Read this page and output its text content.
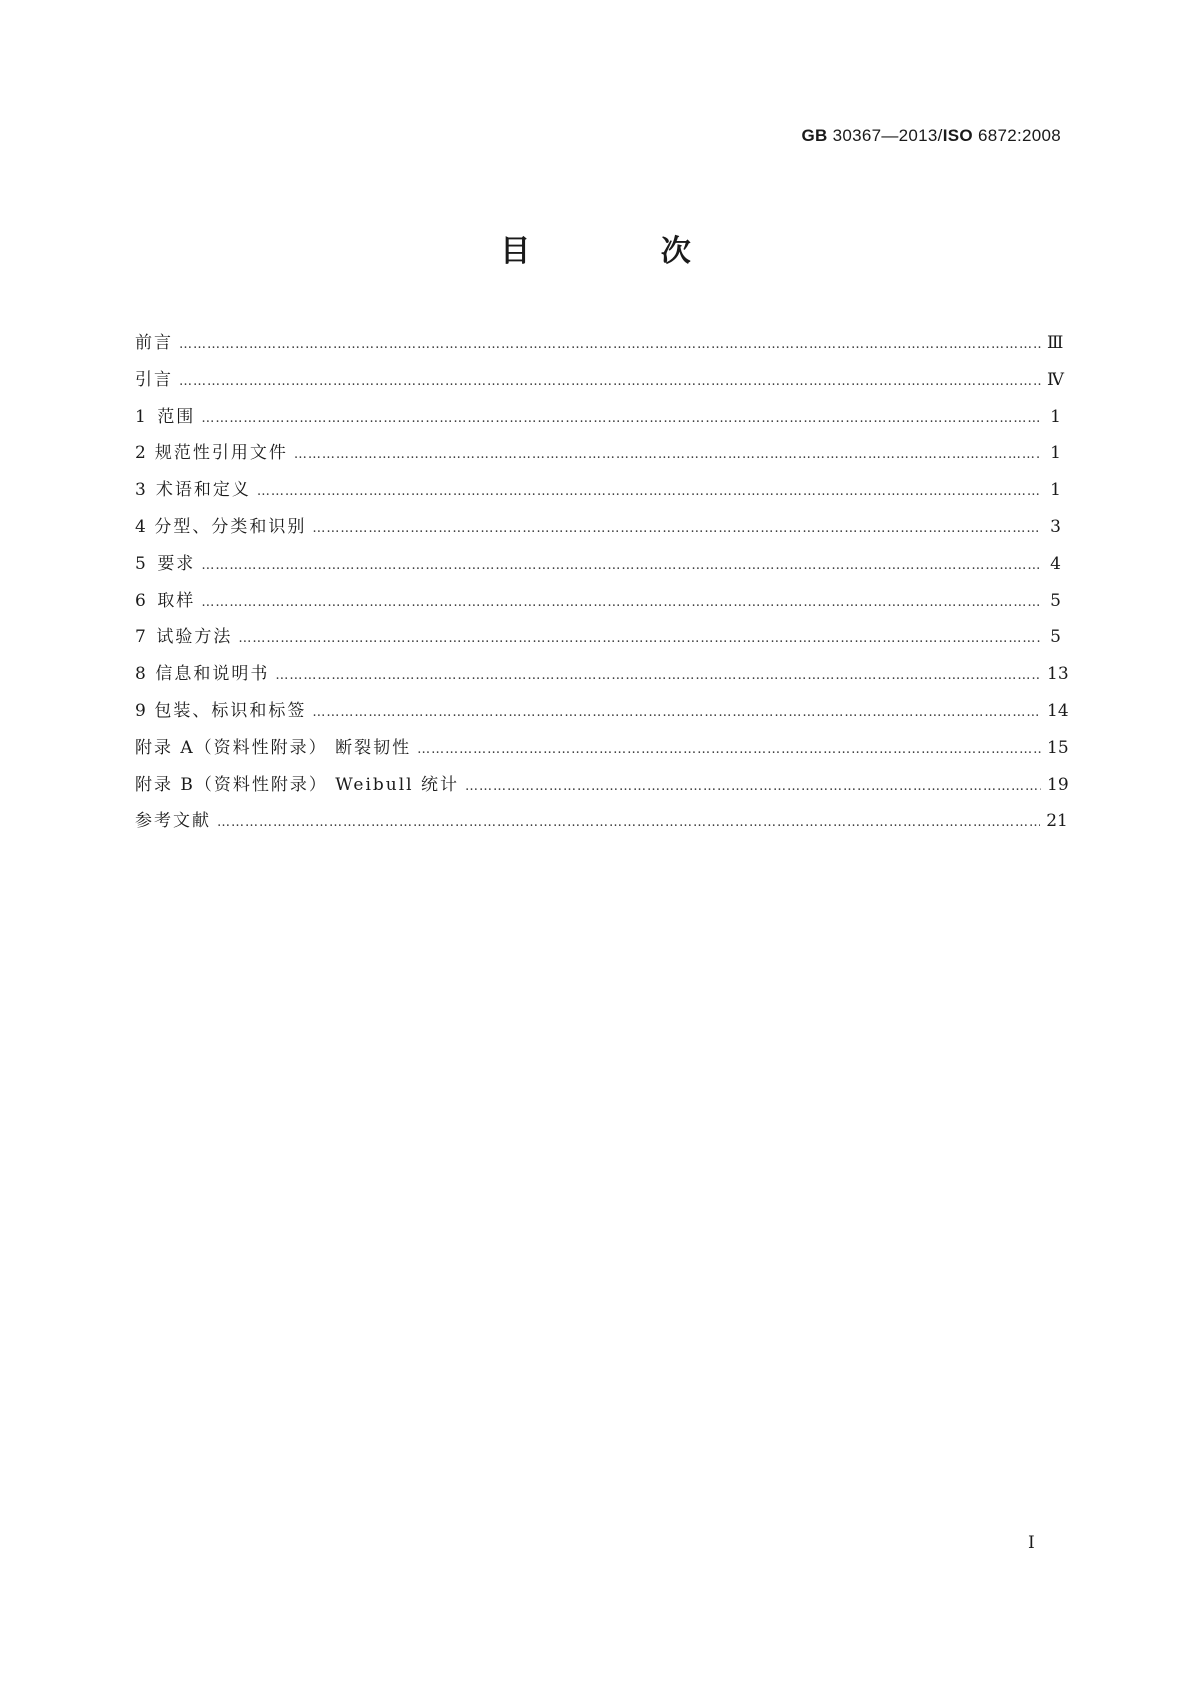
GB 30367—2013/ISO 6872:2008
目 次
前言 ……………………………………………………………………………………………………………………………………………………………………………………………………………………………………	Ⅲ
引言 ……………………………………………………………………………………………………………………………………………………………………………………………………………………………………	Ⅳ
1 范围 ……………………………………………………………………………………………………………………………………………………………………………………………………………………………………	1
2 规范性引用文件 ……………………………………………………………………………………………………………………………………………………………………………………………………………………………………	1
3 术语和定义 ……………………………………………………………………………………………………………………………………………………………………………………………………………………………………	1
4 分型、分类和识别 ……………………………………………………………………………………………………………………………………………………………………………………………………………………………………	3
5 要求 ……………………………………………………………………………………………………………………………………………………………………………………………………………………………………	4
6 取样 ……………………………………………………………………………………………………………………………………………………………………………………………………………………………………	5
7 试验方法 ……………………………………………………………………………………………………………………………………………………………………………………………………………………………………	5
8 信息和说明书 ……………………………………………………………………………………………………………………………………………………………………………………………………………………………………	13
9 包装、标识和标签 ……………………………………………………………………………………………………………………………………………………………………………………………………………………………………	14
附录 A（资料性附录） 断裂韧性 ……………………………………………………………………………………………………………………………………………………………………………………………………………………………………	15
附录 B（资料性附录） Weibull 统计 ……………………………………………………………………………………………………………………………………………………………………………………………………………………………………	19
参考文献 ……………………………………………………………………………………………………………………………………………………………………………………………………………………………………	21
I
